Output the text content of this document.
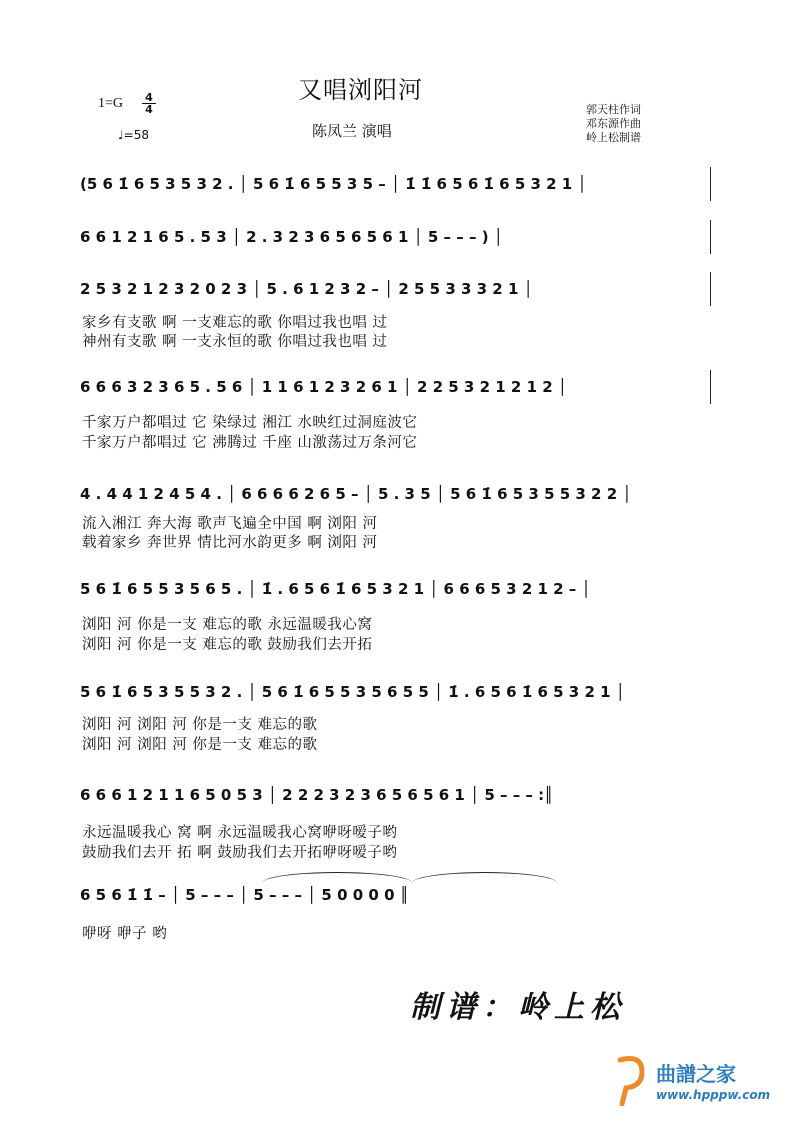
又唱浏阳河
1=G 4
4
♩=58	陈凤兰 演唱
郭天柱作词
邓东源作曲
岭上松制谱
(5 6 1̇ 6 5 3 5 3 2 . │ 5 6 1̇ 6 5 5 3 5 – │ 1̇ 1̇ 6 5 6 1̇ 6 5 3 2 1 │
6 6 1 2 1 6 5 . 5 3 │ 2 . 3 2 3 6 5 6 5 6 1 │ 5 – – – ) │
2 5 3 2 1 2 3 2 0 2 3 │ 5 . 6 1 2 3 2 – │ 2 5 5 3 3 3 2 1 │
家乡有支歌 啊 一支难忘的歌 你唱过我也唱 过
神州有支歌 啊 一支永恒的歌 你唱过我也唱 过
6 6 6 3 2 3 6 5 . 5 6 │ 1 1 6 1 2 3 2 6 1 │ 2 2 5 3 2 1 2 1 2 │
千家万户都唱过 它 染绿过 湘江 水映红过洞庭波它
千家万户都唱过 它 沸腾过 千座 山激荡过万条河它
4 . 4 4 1 2 4 5 4 . │ 6 6 6 6 2 6 5 – │ 5 . 3 5 │ 5 6 1̇ 6 5 3 5 5 3 2 2 │
流入湘江 奔大海 歌声飞遍全中国 啊 浏阳 河
载着家乡 奔世界 情比河水韵更多 啊 浏阳 河
5 6 1̇ 6 5 5 3 5 6 5 . │ 1̇ . 6 5 6 1̇ 6 5 3 2 1 │ 6 6 6 5 3 2 1 2 – │
浏阳 河 你是一支 难忘的歌 永远温暖我心窝
浏阳 河 你是一支 难忘的歌 鼓励我们去开拓
5 6 1̇ 6 5 3 5 5 3 2 . │ 5 6 1̇ 6 5 5 3 5 6 5 5 │ 1̇ . 6 5 6 1̇ 6 5 3 2 1 │
浏阳 河 浏阳 河 你是一支 难忘的歌
浏阳 河 浏阳 河 你是一支 难忘的歌
6 6 6 1 2 1 1 6 5 0 5 3 │ 2 2 2 3 2 3 6 5 6 5 6 1 │ 5 – – – :║
永远温暖我心 窝 啊 永远温暖我心窝咿呀嗳子哟
鼓励我们去开 拓 啊 鼓励我们去开拓咿呀嗳子哟
6 5 6 1̇ 1̇ – │ 5 – – – │ 5 – – – │ 5 0 0 0 0 ║
咿呀 咿子 哟
制谱：岭上松
曲譜之家
www.hpppw.com
